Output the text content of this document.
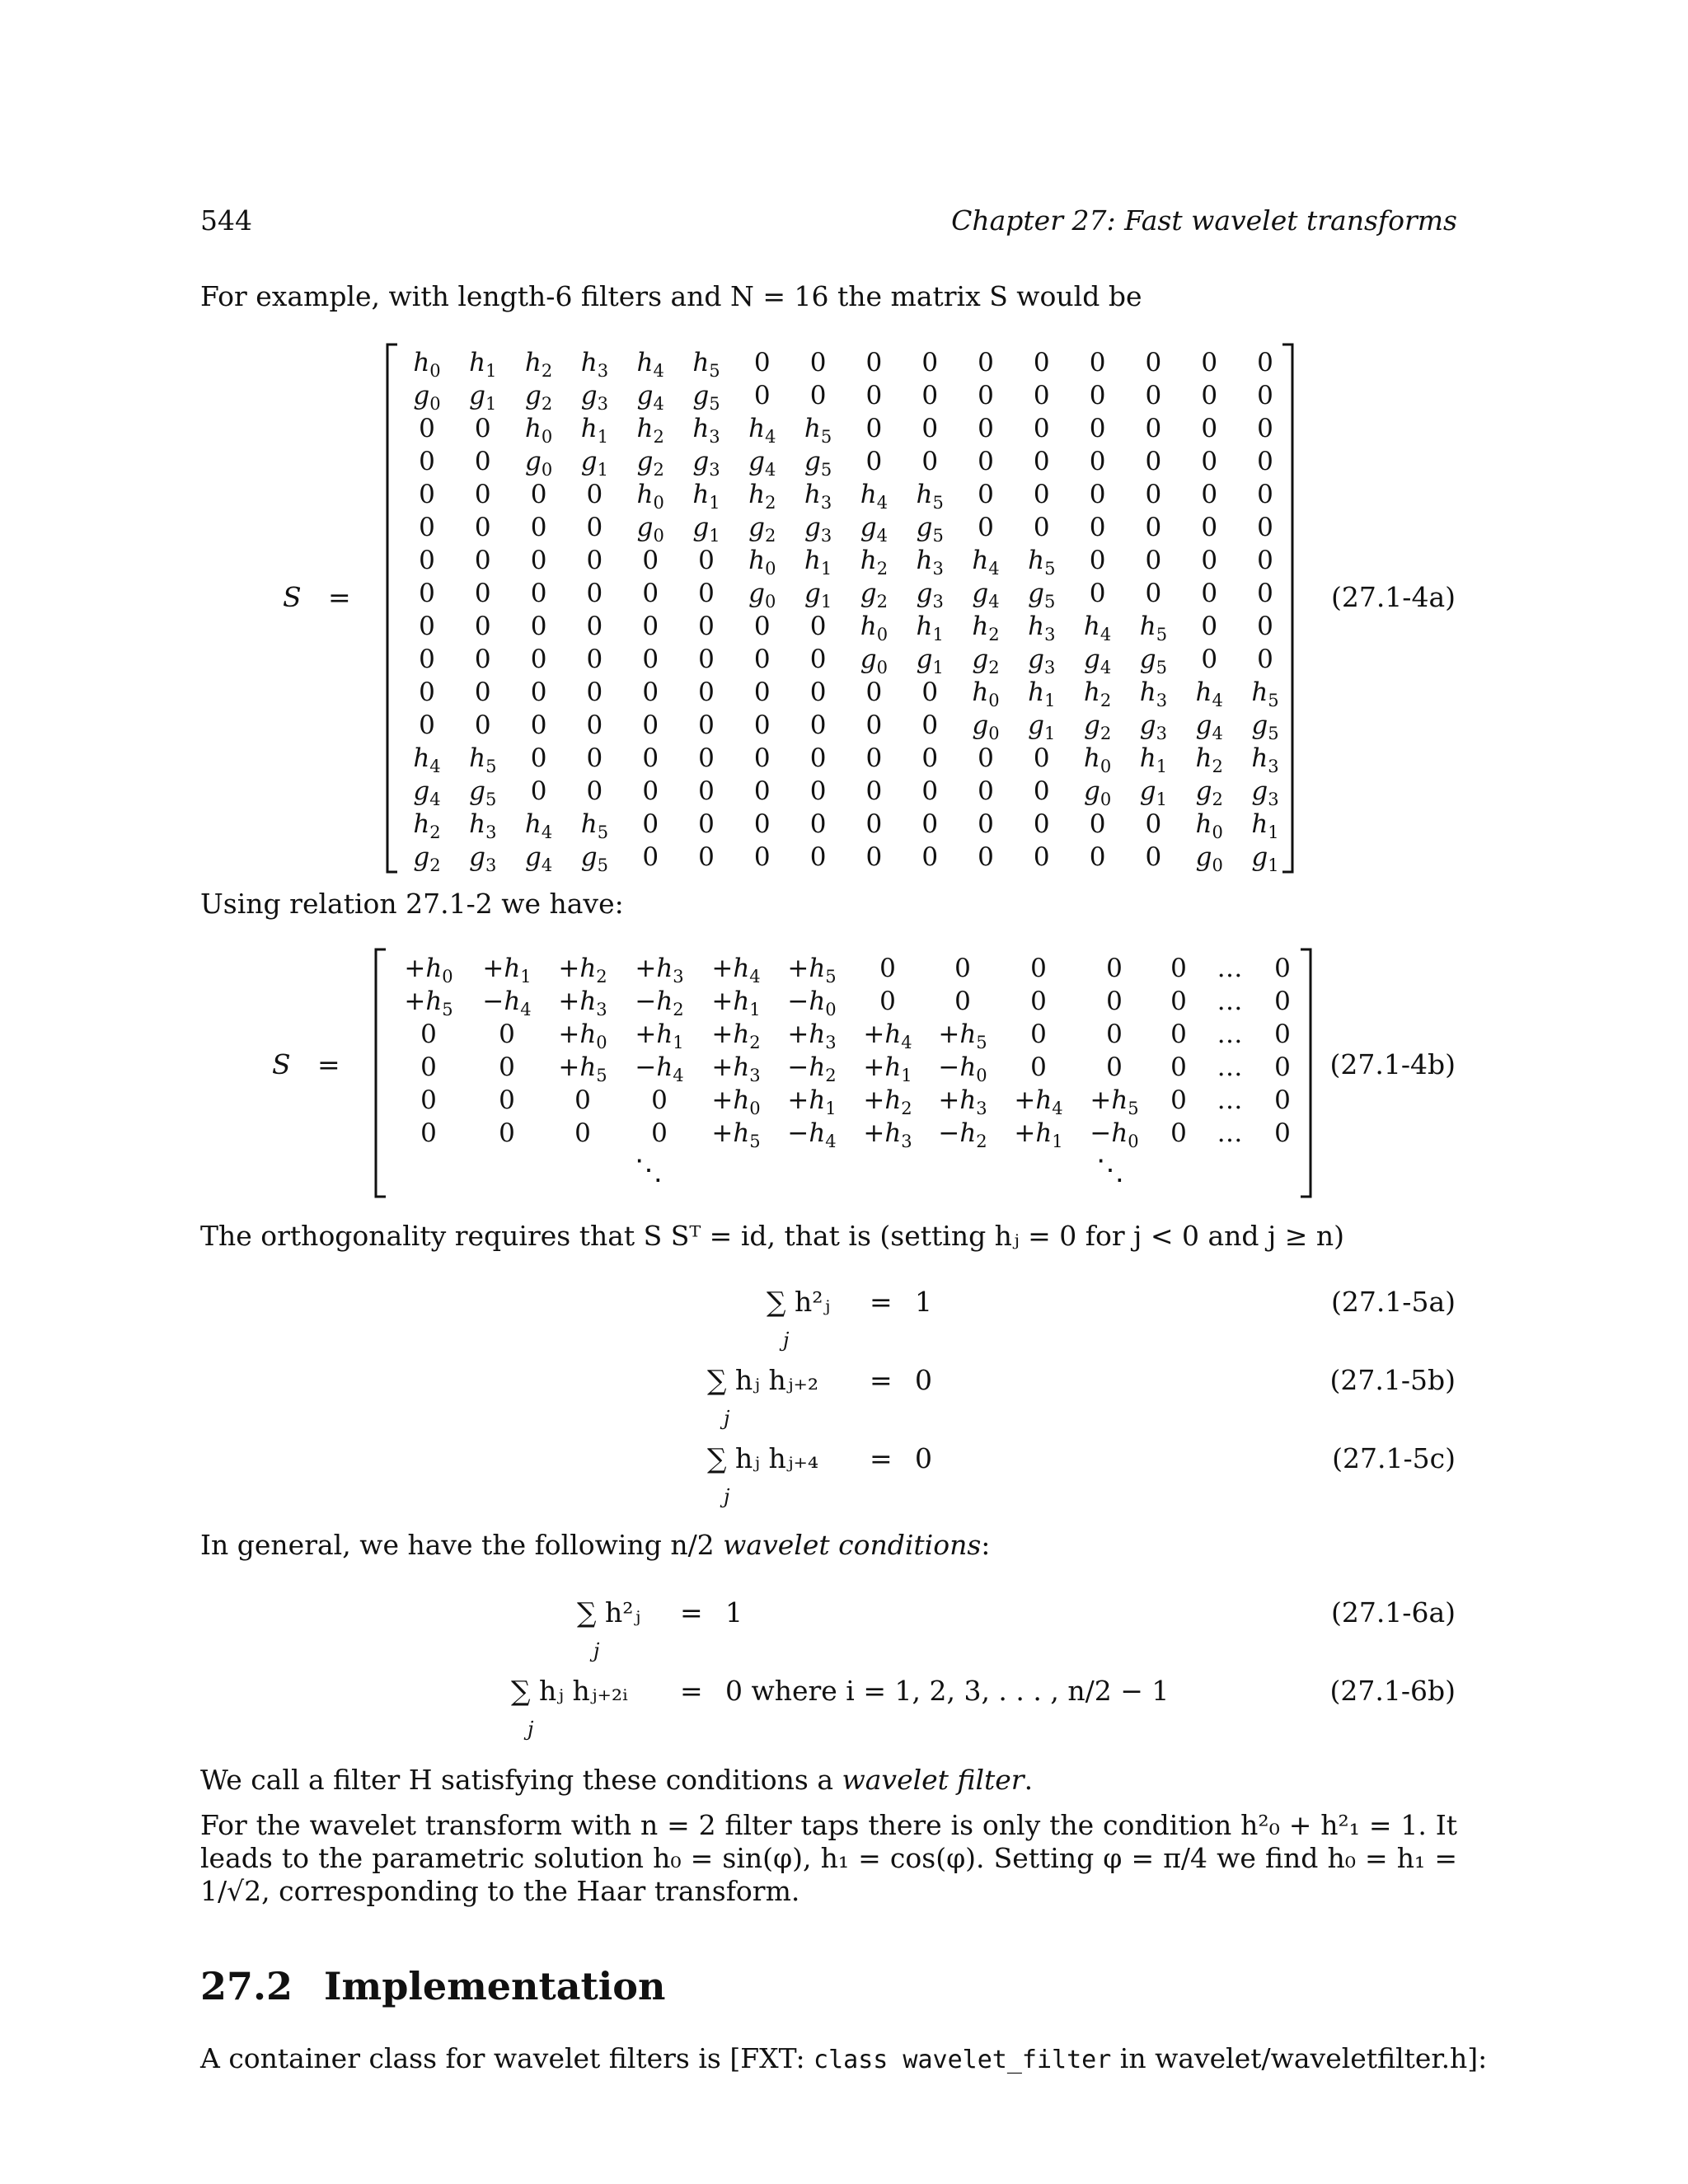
544	Chapter 27: Fast wavelet transforms
For example, with length-6 filters and N = 16 the matrix S would be
S =	(27.1-4a)
$h_0$ $h_1$ $h_2$ $h_3$ $h_4$ $h_5$ 0 0 0 0 0 0 0 0 0 0
$g_0$ $g_1$ $g_2$ $g_3$ $g_4$ $g_5$ 0 0 0 0 0 0 0 0 0 0
0 0 $h_0$ $h_1$ $h_2$ $h_3$ $h_4$ $h_5$ 0 0 0 0 0 0 0 0
0 0 $g_0$ $g_1$ $g_2$ $g_3$ $g_4$ $g_5$ 0 0 0 0 0 0 0 0
0 0 0 0 $h_0$ $h_1$ $h_2$ $h_3$ $h_4$ $h_5$ 0 0 0 0 0 0
0 0 0 0 $g_0$ $g_1$ $g_2$ $g_3$ $g_4$ $g_5$ 0 0 0 0 0 0
0 0 0 0 0 0 $h_0$ $h_1$ $h_2$ $h_3$ $h_4$ $h_5$ 0 0 0 0
0 0 0 0 0 0 $g_0$ $g_1$ $g_2$ $g_3$ $g_4$ $g_5$ 0 0 0 0
0 0 0 0 0 0 0 0 $h_0$ $h_1$ $h_2$ $h_3$ $h_4$ $h_5$ 0 0
0 0 0 0 0 0 0 0 $g_0$ $g_1$ $g_2$ $g_3$ $g_4$ $g_5$ 0 0
0 0 0 0 0 0 0 0 0 0 $h_0$ $h_1$ $h_2$ $h_3$ $h_4$ $h_5$
0 0 0 0 0 0 0 0 0 0 $g_0$ $g_1$ $g_2$ $g_3$ $g_4$ $g_5$
$h_4$ $h_5$ 0 0 0 0 0 0 0 0 0 0 $h_0$ $h_1$ $h_2$ $h_3$
$g_4$ $g_5$ 0 0 0 0 0 0 0 0 0 0 $g_0$ $g_1$ $g_2$ $g_3$
$h_2$ $h_3$ $h_4$ $h_5$ 0 0 0 0 0 0 0 0 0 0 $h_0$ $h_1$
$g_2$ $g_3$ $g_4$ $g_5$ 0 0 0 0 0 0 0 0 0 0 $g_0$ $g_1$
Using relation 27.1-2 we have:
S =	(27.1-4b)
$+h_0 +h_1 +h_2 +h_3 +h_4 +h_5$ 0 0 0 0 0 … 0
$+h_5 -h_4 +h_3 -h_2 +h_1 -h_0$ 0 0 0 0 0 … 0
0 $0 +h_0 +h_1 +h_2 +h_3 +h_4 +h_5$ 0 0 0 … 0
0 $0 +h_5 -h_4 +h_3 -h_2 +h_1 -h_0$ 0 0 0 … 0
0 0 0 $0 +h_0 +h_1 +h_2 +h_3 +h_4 +h_5$ 0 … 0
0 0 0 $0 +h_5 -h_4 +h_3 -h_2 +h_1 -h_0$ 0 … 0
⋱	⋱
The orthogonality requires that S Sᵀ = id, that is (setting hⱼ = 0 for j < 0 and j ≥ n)
∑ h²ⱼ
j
= 1	(27.1-5a)
∑ hⱼ hⱼ₊₂
j
= 0	(27.1-5b)
∑ hⱼ hⱼ₊₄
j
= 0	(27.1-5c)
In general, we have the following n/2 wavelet conditions:
∑ h²ⱼ
j
= 1	(27.1-6a)
∑ hⱼ hⱼ₊₂ᵢ
j
= 0 where i = 1, 2, 3, . . . , n/2 − 1	(27.1-6b)
We call a filter H satisfying these conditions a wavelet filter.
For the wavelet transform with n = 2 filter taps there is only the condition h²₀ + h²₁ = 1. It leads to the parametric solution h₀ = sin(φ), h₁ = cos(φ). Setting φ = π/4 we find h₀ = h₁ = 1/√2, corresponding to the Haar transform.
27.2 Implementation
A container class for wavelet filters is [FXT: class wavelet_filter in wavelet/waveletfilter.h]:
